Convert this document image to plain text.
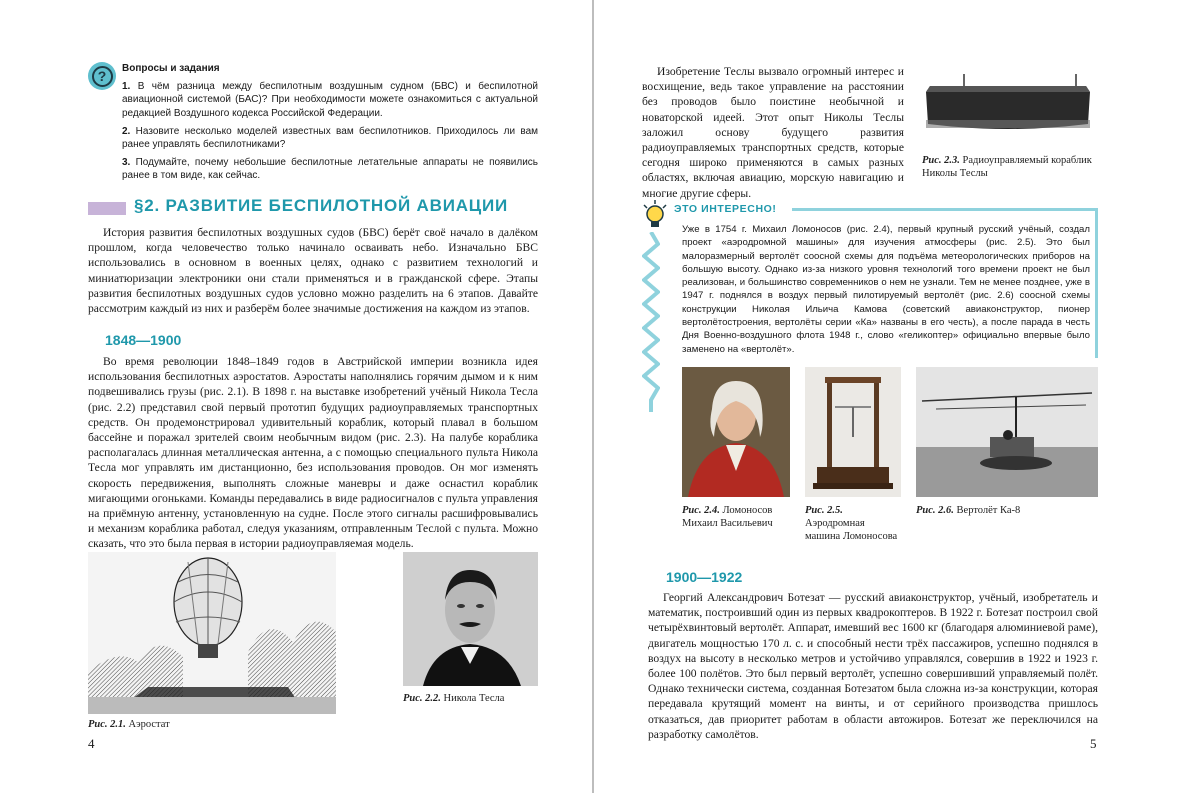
?	Вопросы и задания
1. В чём разница между беспилотным воздушным судном (БВС) и беспилотной авиационной системой (БАС)? При необходимости можете ознакомиться с актуальной редакцией Воздушного кодекса Российской Федерации.
2. Назовите несколько моделей известных вам беспилотников. Приходилось ли вам ранее управлять беспилотниками?
3. Подумайте, почему небольшие беспилотные летательные аппараты не появились ранее в том виде, как сейчас.
§2. РАЗВИТИЕ БЕСПИЛОТНОЙ АВИАЦИИ

История развития беспилотных воздушных судов (БВС) берёт своё начало в далёком прошлом, когда человечество только начинало осваивать небо. Изначально БВС использовались в основном в военных целях, однако с развитием технологий и миниатюризации электроники они стали применяться и в гражданской сфере. Этапы развития беспилотных воздушных судов условно можно разделить на 6 этапов. Давайте рассмотрим каждый из них и разберём более значимые достижения на каждом из этапов.

1848—1900

Во время революции 1848–1849 годов в Австрийской империи возникла идея использования беспилотных аэростатов. Аэростаты наполнялись горячим дымом и к ним подвешивались грузы (рис. 2.1). В 1898 г. на выставке изобретений учёный Никола Тесла (рис. 2.2) представил свой первый прототип будущих радиоуправляемых транспортных средств. Он продемонстрировал удивительный кораблик, который плавал в большом бассейне и поражал зрителей своим необычным видом (рис. 2.3). На палубе кораблика располагалась длинная металлическая антенна, а с помощью специального пульта Никола Тесла мог управлять им дистанционно, без использования проводов. Он мог изменять скорость передвижения, выполнять сложные маневры и даже оснастил кораблик мигающими огоньками. Команды передавались в виде радиосигналов с пульта управления на приёмную антенну, установленную на судне. После этого сигналы расшифровывались и механизм кораблика работал, следуя указаниям, отправленным Теслой с пульта. Можно сказать, что это была первая в истории радиоуправляемая модель.

Рис. 2.1. Аэростат
Рис. 2.2. Никола Тесла
4

Изобретение Теслы вызвало огромный интерес и восхищение, ведь такое управление на расстоянии без проводов было поистине необычной и новаторской идеей. Этот опыт Николы Теслы заложил основу будущего развития радиоуправляемых транспортных средств, которые сегодня широко применяются в самых разных областях, включая авиацию, морскую навигацию и многие другие сферы.

Рис. 2.3. Радиоуправляемый кораблик Николы Теслы
ЭТО ИНТЕРЕСНО!
Уже в 1754 г. Михаил Ломоносов (рис. 2.4), первый крупный русский учёный, создал проект «аэродромной машины» для изучения атмосферы (рис. 2.5). Это был малоразмерный вертолёт соосной схемы для подъёма метеорологических приборов на большую высоту. Однако из-за низкого уровня технологий того времени проект не был реализован, и большинство современников о нем не узнали. Тем не менее позднее, уже в 1947 г. поднялся в воздух первый пилотируемый вертолёт (рис. 2.6) соосной схемы конструкции Николая Ильича Камова (советский авиаконструктор, пионер вертолётостроения, вертолёты серии «Ка» названы в его честь), а после парада в честь Дня Военно-воздушного флота 1948 г., слово «геликоптер» официально впервые было заменено на «вертолёт».
Рис. 2.4. Ломоносов Михаил Васильевич
Рис. 2.5. Аэродромная машина Ломоносова
Рис. 2.6. Вертолёт Ка-8
1900—1922

Георгий Александрович Ботезат — русский авиаконструктор, учёный, изобретатель и математик, построивший один из первых квадрокоптеров. В 1922 г. Ботезат построил свой четырёхвинтовый вертолёт. Аппарат, имевший вес 1600 кг (благодаря алюминиевой раме), двигатель мощностью 170 л. с. и способный нести трёх пассажиров, успешно поднялся в воздух на высоту в несколько метров и устойчиво управлялся, совершив в 1922 и 1923 г. более 100 полётов. Это был первый вертолёт, успешно совершивший управляемый полёт. Однако технически система, созданная Ботезатом была сложна из-за конструкции, которая передавала крутящий момент на винты, и от серийного производства пришлось отказаться, дав приоритет работам в области автожиров. Ботезат же переключился на разработку самолётов.

5
